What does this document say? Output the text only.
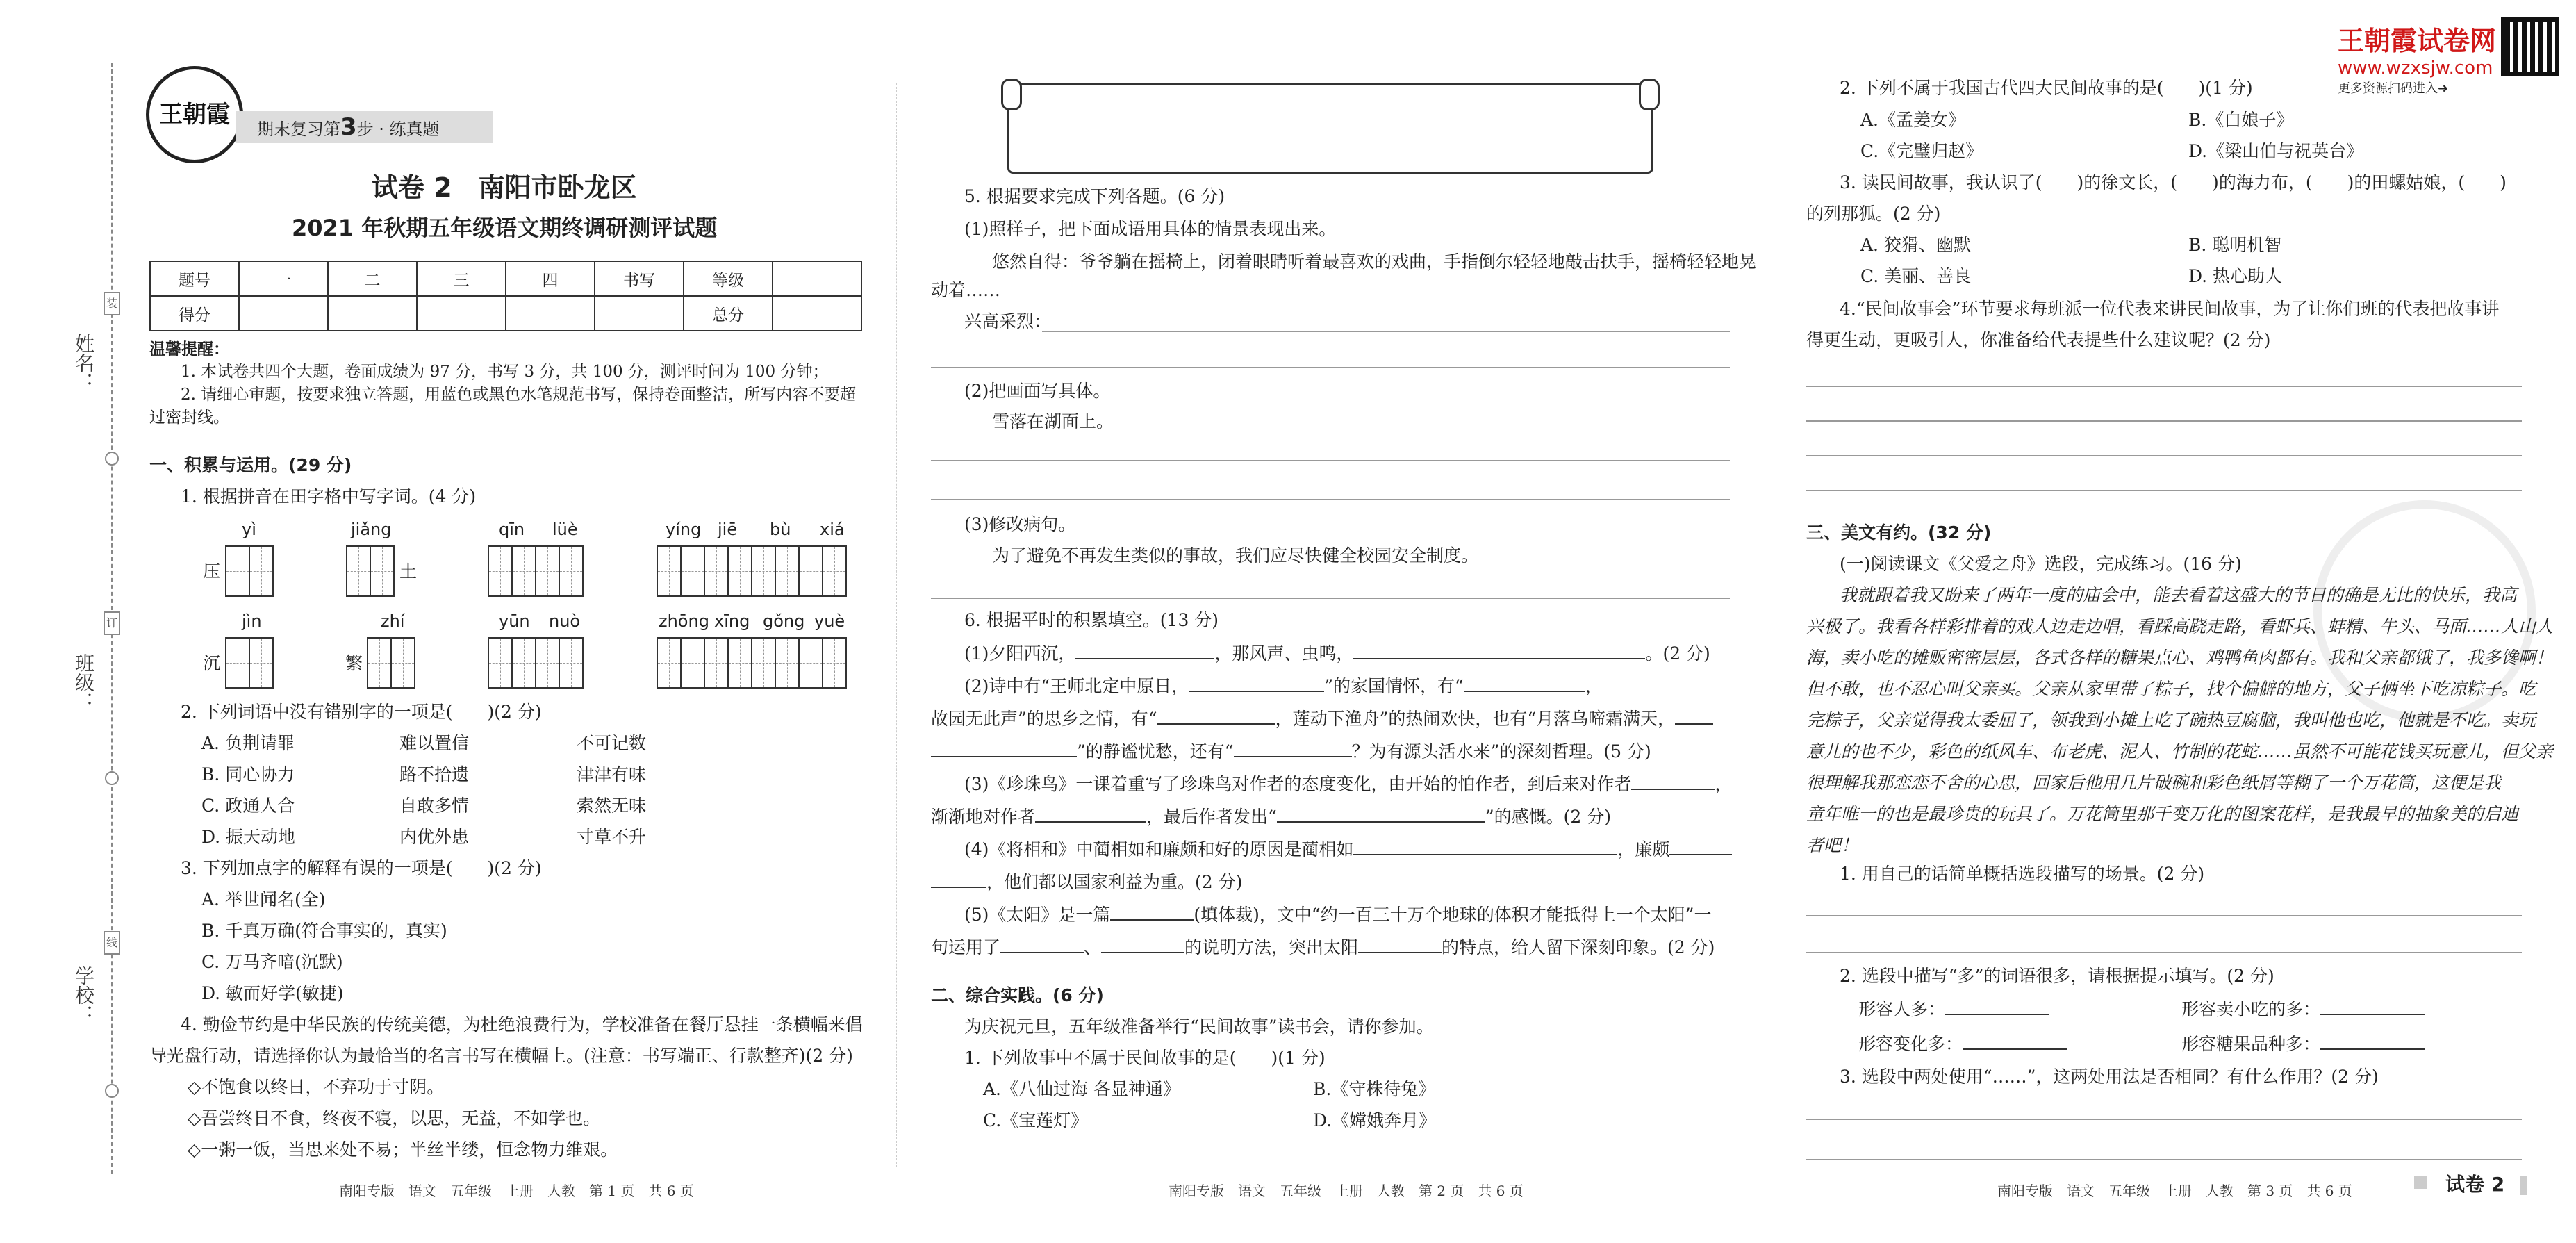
姓名：
班级：
学校：
装
订
线
王朝霞
期末复习第3步 · 练真题
试卷 2　南阳市卧龙区
2021 年秋期五年级语文期终调研测评试题
题号	一	二	三	四	书写	等级	
得分						总分	
温馨提醒：
1. 本试卷共四个大题，卷面成绩为 97 分，书写 3 分，共 100 分，测评时间为 100 分钟；
2. 请细心审题，按要求独立答题，用蓝色或黑色水笔规范书写，保持卷面整洁，所写内容不要超
过密封线。
一、积累与运用。(29 分)
1. 根据拼音在田字格中写字词。(4 分)
yì	jiǎng	qīn lüè	yíng jiē bù xiá
压	土
jìn	zhí	yūn nuò	zhōng xīng gǒng yuè
沉	繁
2. 下列词语中没有错别字的一项是(　　)(2 分)
A. 负荆请罪	难以置信	不可记数
B. 同心协力	路不拾遗	津津有味
C. 政通人合	自敢多情	索然无味
D. 振天动地	内优外患	寸草不升
3. 下列加点字的解释有误的一项是(　　)(2 分)
A. 举世闻名(全)
B. 千真万确(符合事实的，真实)
C. 万马齐喑(沉默)
D. 敏而好学(敏捷)
4. 勤俭节约是中华民族的传统美德，为杜绝浪费行为，学校准备在餐厅悬挂一条横幅来倡
导光盘行动，请选择你认为最恰当的名言书写在横幅上。(注意：书写端正、行款整齐)(2 分)
◇不饱食以终日，不弃功于寸阴。
◇吾尝终日不食，终夜不寝，以思，无益，不如学也。
◇一粥一饭，当思来处不易；半丝半缕，恒念物力维艰。
南阳专版　语文　五年级　上册　人教　第 1 页　共 6 页
5. 根据要求完成下列各题。(6 分)
(1)照样子，把下面成语用具体的情景表现出来。
悠然自得：爷爷躺在摇椅上，闭着眼睛听着最喜欢的戏曲，手指倒尔轻轻地敲击扶手，摇椅轻轻地晃
动着……
兴高采烈：
(2)把画面写具体。
雪落在湖面上。
(3)修改病句。
为了避免不再发生类似的事故，我们应尽快健全校园安全制度。
6. 根据平时的积累填空。(13 分)
(1)夕阳西沉，	，那风声、虫鸣，	。(2 分)
(2)诗中有“王师北定中原日，	”的家国情怀，有“	，
故园无此声”的思乡之情，有“	，莲动下渔舟”的热闹欢快，也有“月落乌啼霜满天，
”的静谧忧愁，还有“	？为有源头活水来”的深刻哲理。(5 分)
(3)《珍珠鸟》一课着重写了珍珠鸟对作者的态度变化，由开始的怕作者，到后来对作者	，
渐渐地对作者	，最后作者发出“	”的感慨。(2 分)
(4)《将相和》中蔺相如和廉颇和好的原因是蔺相如	，廉颇
，他们都以国家利益为重。(2 分)
(5)《太阳》是一篇	(填体裁)，文中“约一百三十万个地球的体积才能抵得上一个太阳”一
句运用了	、	的说明方法，突出太阳	的特点，给人留下深刻印象。(2 分)
二、综合实践。(6 分)
为庆祝元旦，五年级准备举行“民间故事”读书会，请你参加。
1. 下列故事中不属于民间故事的是(　　)(1 分)
A.《八仙过海 各显神通》	B.《守株待兔》
C.《宝莲灯》	D.《嫦娥奔月》
南阳专版　语文　五年级　上册　人教　第 2 页　共 6 页
王朝霞试卷网
www.wzxsjw.com
更多资源扫码进入➜
2. 下列不属于我国古代四大民间故事的是(　　)(1 分)
A.《孟姜女》	B.《白娘子》
C.《完璧归赵》	D.《梁山伯与祝英台》
3. 读民间故事，我认识了(　　)的徐文长，(　　)的海力布，(　　)的田螺姑娘，(　　)
的列那狐。(2 分)
A. 狡猾、幽默	B. 聪明机智
C. 美丽、善良	D. 热心助人
4.“民间故事会”环节要求每班派一位代表来讲民间故事，为了让你们班的代表把故事讲
得更生动，更吸引人，你准备给代表提些什么建议呢？(2 分)
三、美文有约。(32 分)
(一)阅读课文《父爱之舟》选段，完成练习。(16 分)
我就跟着我又盼来了两年一度的庙会中，能去看着这盛大的节日的确是无比的快乐，我高
兴极了。我看各样彩排着的戏人边走边唱，看踩高跷走路，看虾兵、蚌精、牛头、马面……人山人
海，卖小吃的摊贩密密层层，各式各样的糖果点心、鸡鸭鱼肉都有。我和父亲都饿了，我多馋啊！
但不敢，也不忍心叫父亲买。父亲从家里带了粽子，找个偏僻的地方，父子俩坐下吃凉粽子。吃
完粽子，父亲觉得我太委屈了，领我到小摊上吃了碗热豆腐脑，我叫他也吃，他就是不吃。卖玩
意儿的也不少，彩色的纸风车、布老虎、泥人、竹制的花蛇……虽然不可能花钱买玩意儿，但父亲
很理解我那恋恋不舍的心思，回家后他用几片破碗和彩色纸屑等糊了一个万花筒，这便是我
童年唯一的也是最珍贵的玩具了。万花筒里那千变万化的图案花样，是我最早的抽象美的启迪
者吧！
1. 用自己的话简单概括选段描写的场景。(2 分)
2. 选段中描写“多”的词语很多，请根据提示填写。(2 分)
形容人多：	形容卖小吃的多：
形容变化多：	形容糖果品种多：
3. 选段中两处使用“……”，这两处用法是否相同？有什么作用？(2 分)
南阳专版　语文　五年级　上册　人教　第 3 页　共 6 页	试卷 2
